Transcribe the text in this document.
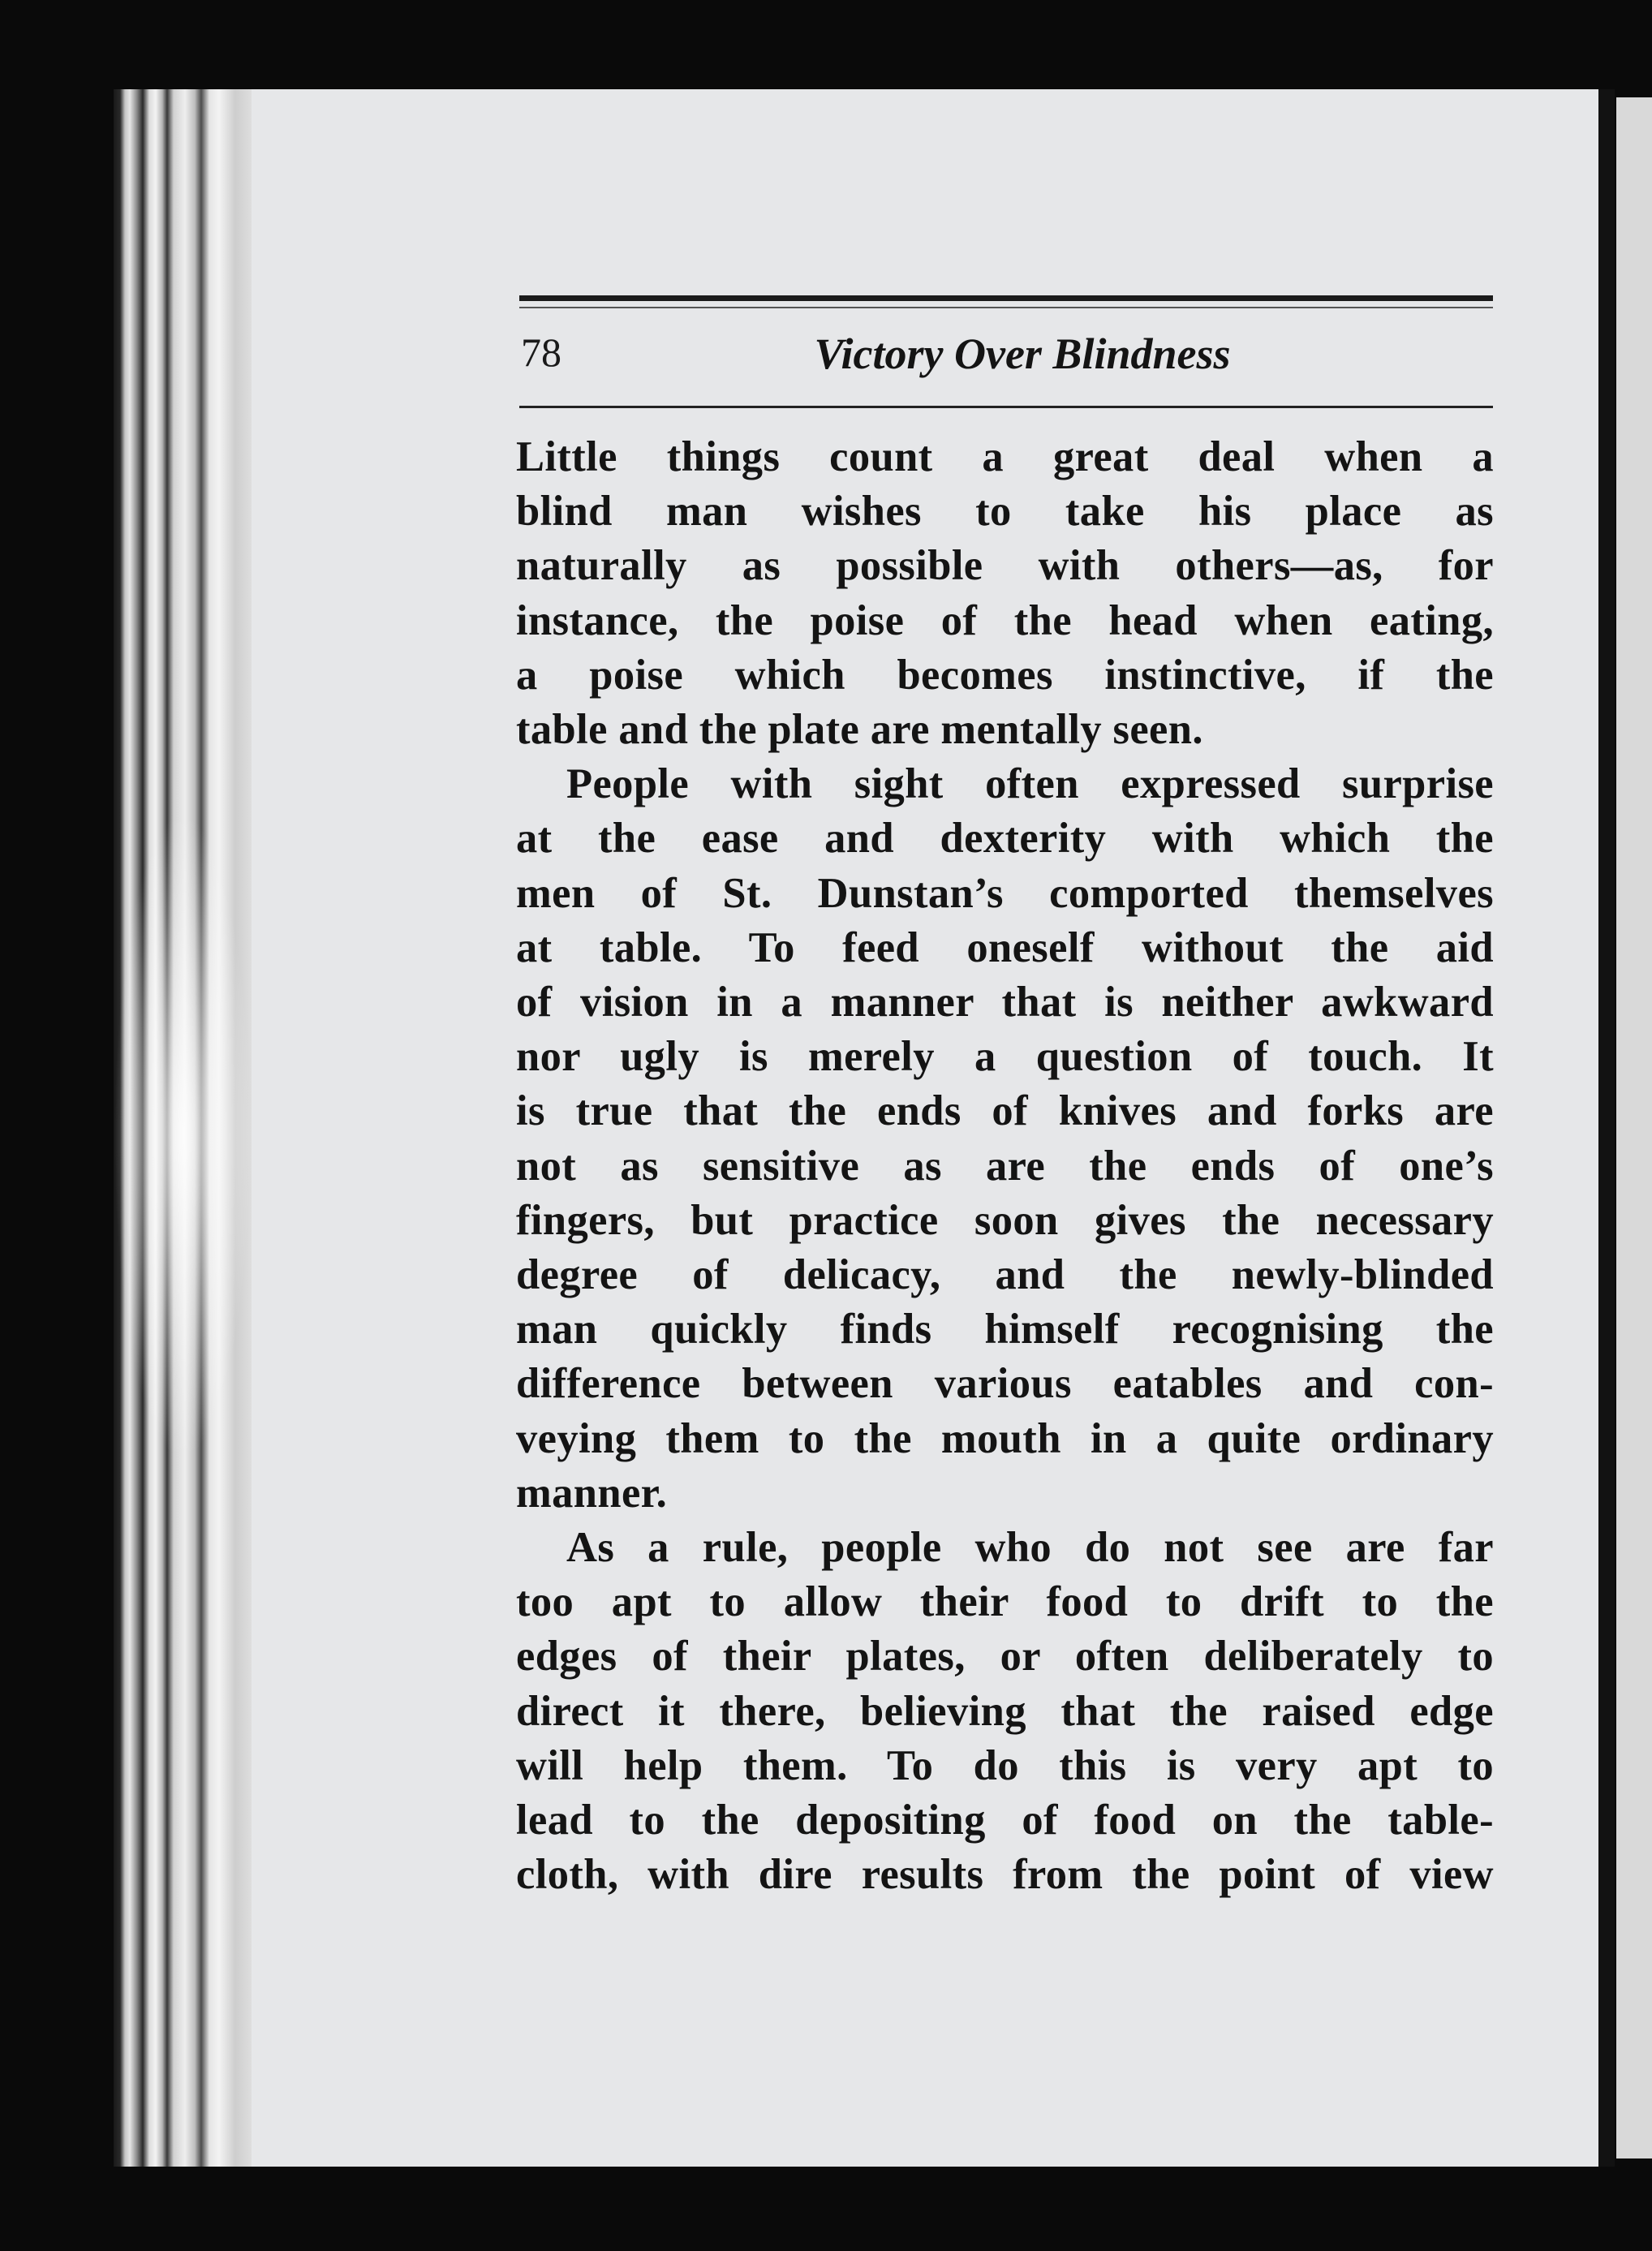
78	Victory Over Blindness

Little things count a great deal when a
blind man wishes to take his place as
naturally as possible with others—as, for
instance, the poise of the head when eating,
a poise which becomes instinctive, if the
table and the plate are mentally seen.

People with sight often expressed surprise
at the ease and dexterity with which the
men of St. Dunstan’s comported themselves
at table. To feed oneself without the aid
of vision in a manner that is neither awkward
nor ugly is merely a question of touch. It
is true that the ends of knives and forks are
not as sensitive as are the ends of one’s
fingers, but practice soon gives the necessary
degree of delicacy, and the newly-blinded
man quickly finds himself recognising the
difference between various eatables and con-
veying them to the mouth in a quite ordinary
manner.

As a rule, people who do not see are far
too apt to allow their food to drift to the
edges of their plates, or often deliberately to
direct it there, believing that the raised edge
will help them. To do this is very apt to
lead to the depositing of food on the table-
cloth, with dire results from the point of view
